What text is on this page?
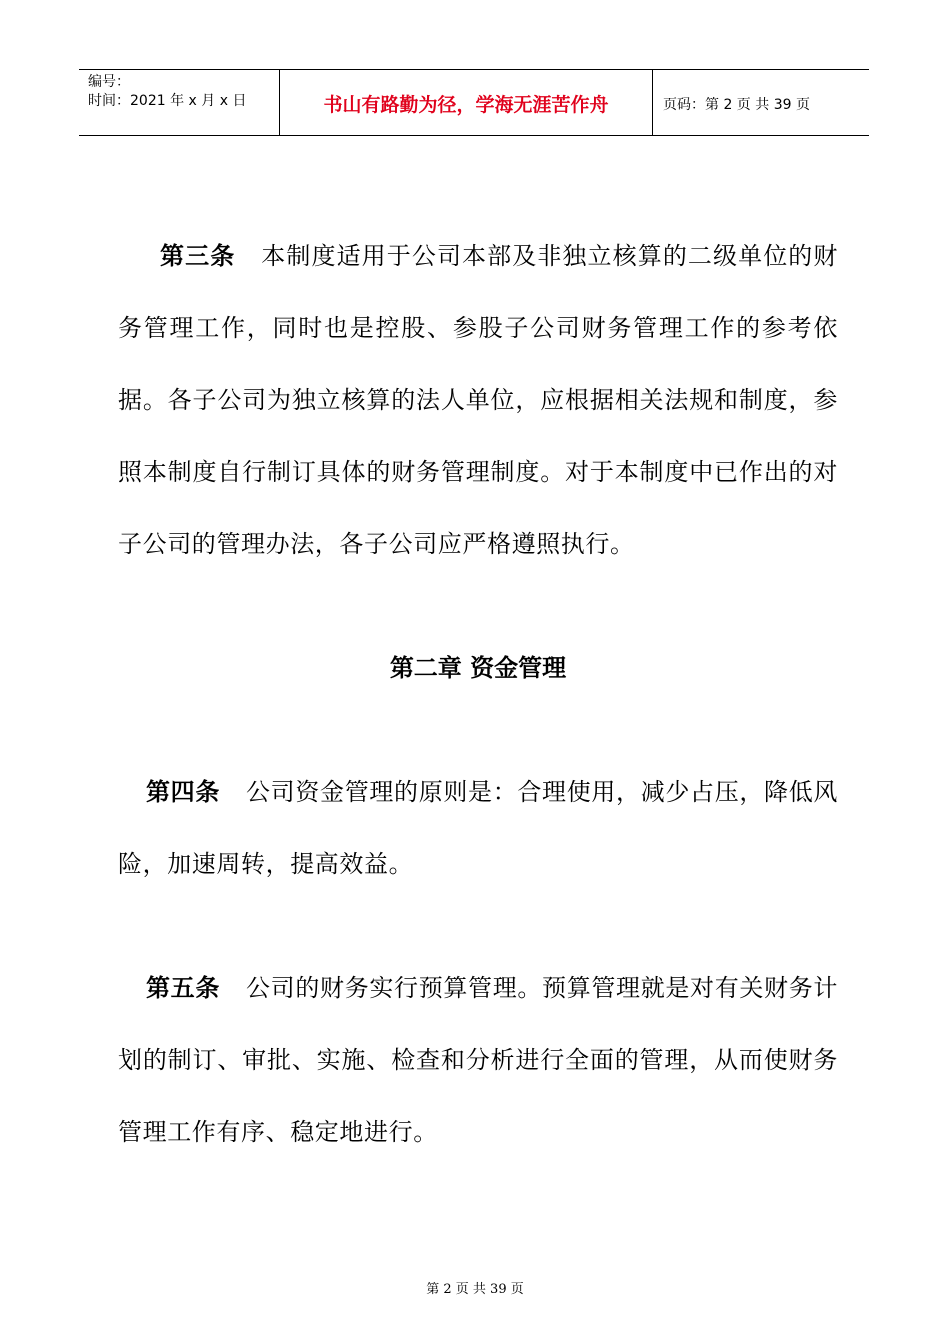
编号：
时间：2021 年 x 月 x 日	书山有路勤为径，学海无涯苦作舟	页码：第 2 页 共 39 页

第三条 本制度适用于公司本部及非独立核算的二级单位的财务管理工作，同时也是控股、参股子公司财务管理工作的参考依据。各子公司为独立核算的法人单位，应根据相关法规和制度，参照本制度自行制订具体的财务管理制度。对于本制度中已作出的对子公司的管理办法，各子公司应严格遵照执行。

第二章 资金管理

第四条 公司资金管理的原则是：合理使用，减少占压，降低风险，加速周转，提高效益。

第五条 公司的财务实行预算管理。预算管理就是对有关财务计划的制订、审批、实施、检查和分析进行全面的管理，从而使财务管理工作有序、稳定地进行。

第 2 页 共 39 页
